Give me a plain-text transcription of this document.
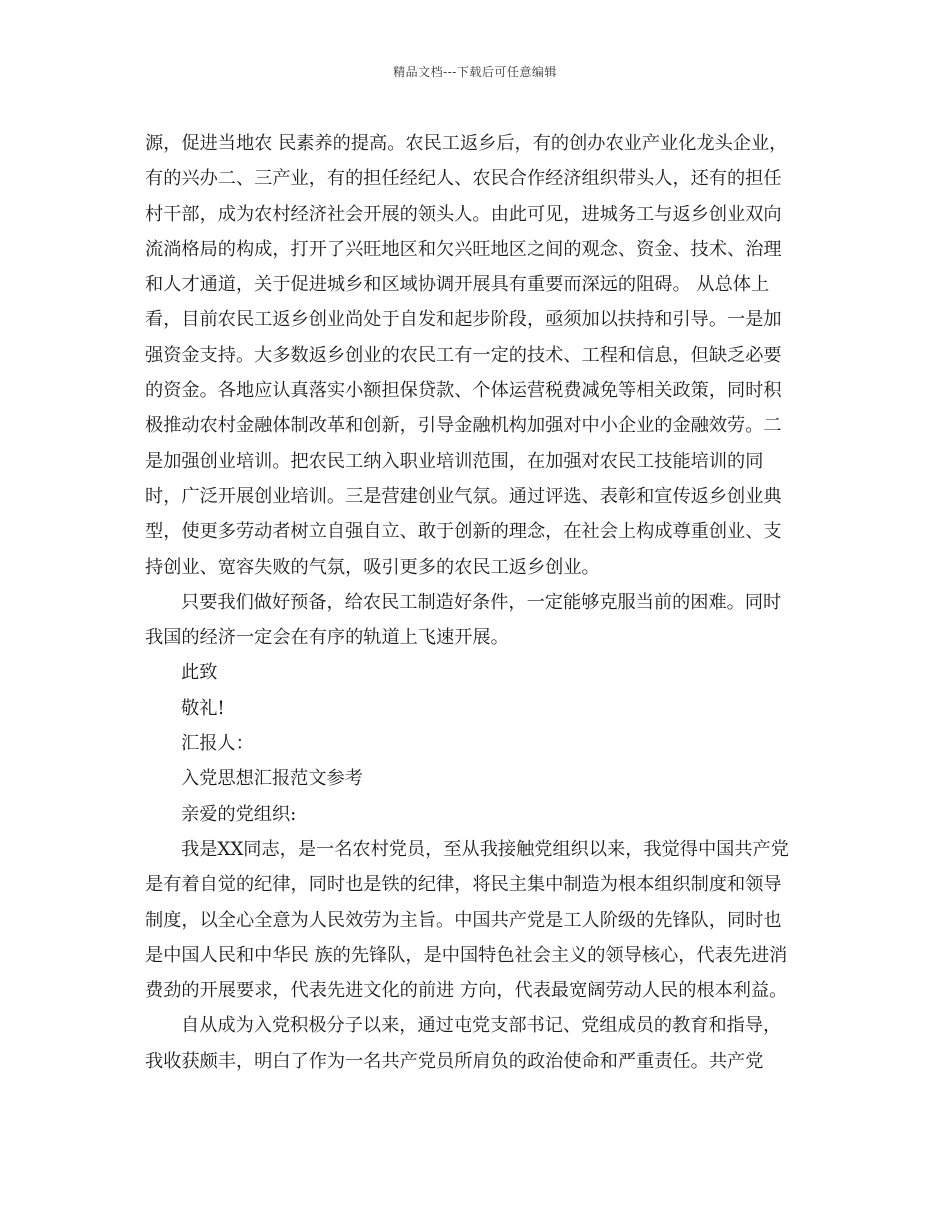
精品文档---下载后可任意编辑
源，促进当地农 民素养的提高。农民工返乡后，有的创办农业产业化龙头企业，
有的兴办二、三产业，有的担任经纪人、农民合作经济组织带头人，还有的担任
村干部，成为农村经济社会开展的领头人。由此可见，进城务工与返乡创业双向
流淌格局的构成，打开了兴旺地区和欠兴旺地区之间的观念、资金、技术、治理
和人才通道，关于促进城乡和区域协调开展具有重要而深远的阻碍。 从总体上
看，目前农民工返乡创业尚处于自发和起步阶段，亟须加以扶持和引导。一是加
强资金支持。大多数返乡创业的农民工有一定的技术、工程和信息，但缺乏必要
的资金。各地应认真落实小额担保贷款、个体运营税费减免等相关政策，同时积
极推动农村金融体制改革和创新，引导金融机构加强对中小企业的金融效劳。二
是加强创业培训。把农民工纳入职业培训范围，在加强对农民工技能培训的同
时，广泛开展创业培训。三是营建创业气氛。通过评选、表彰和宣传返乡创业典
型，使更多劳动者树立自强自立、敢于创新的理念，在社会上构成尊重创业、支
持创业、宽容失败的气氛，吸引更多的农民工返乡创业。
只要我们做好预备，给农民工制造好条件，一定能够克服当前的困难。同时
我国的经济一定会在有序的轨道上飞速开展。
此致
敬礼!
汇报人：
入党思想汇报范文参考
亲爱的党组织:
我是XX同志，是一名农村党员，至从我接触党组织以来，我觉得中国共产党
是有着自觉的纪律，同时也是铁的纪律，将民主集中制造为根本组织制度和领导
制度，以全心全意为人民效劳为主旨。中国共产党是工人阶级的先锋队，同时也
是中国人民和中华民 族的先锋队，是中国特色社会主义的领导核心，代表先进消
费劲的开展要求，代表先进文化的前进 方向，代表最宽阔劳动人民的根本利益。
自从成为入党积极分子以来，通过屯党支部书记、党组成员的教育和指导，
我收获颇丰，明白了作为一名共产党员所肩负的政治使命和严重责任。共产党
